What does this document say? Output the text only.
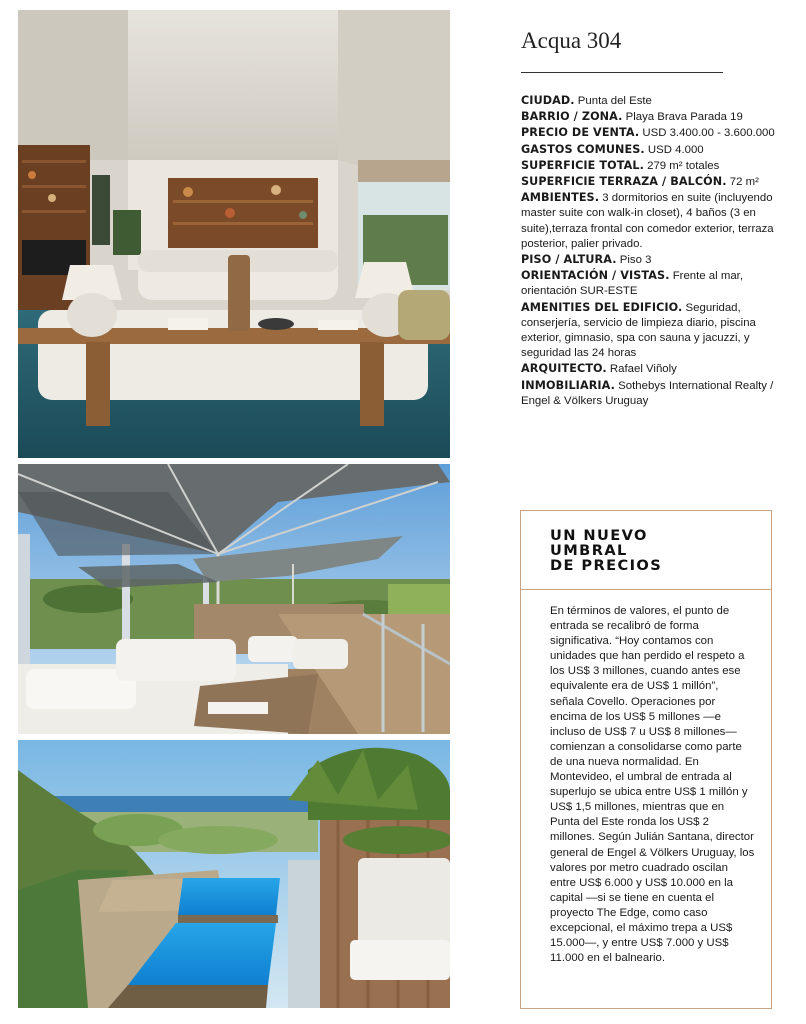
Acqua 304

CIUDAD. Punta del Este

BARRIO / ZONA. Playa Brava Parada 19

PRECIO DE VENTA. USD 3.400.00 - 3.600.000

GASTOS COMUNES. USD 4.000

SUPERFICIE TOTAL. 279 m² totales

SUPERFICIE TERRAZA / BALCÓN. 72 m²

AMBIENTES. 3 dormitorios en suite (incluyendo master suite con walk-in closet), 4 baños (3 en suite),terraza frontal con comedor exterior, terraza posterior, palier privado.

PISO / ALTURA. Piso 3

ORIENTACIÓN / VISTAS. Frente al mar, orientación SUR-ESTE

AMENITIES DEL EDIFICIO. Seguridad, conserjería, servicio de limpieza diario, piscina exterior, gimnasio, spa con sauna y jacuzzi, y seguridad las 24 horas

ARQUITECTO. Rafael Viñoly

INMOBILIARIA. Sothebys International Realty / Engel & Völkers Uruguay

UN NUEVO
UMBRAL
DE PRECIOS

En términos de valores, el punto de entrada se recalibró de forma significativa. “Hoy contamos con unidades que han perdido el respeto a los US$ 3 millones, cuando antes ese equivalente era de US$ 1 millón”, señala Covello. Operaciones por encima de los US$ 5 millones —e incluso de US$ 7 u US$ 8 millones— comienzan a consolidarse como parte de una nueva normalidad. En Montevideo, el umbral de entrada al superlujo se ubica entre US$ 1 millón y US$ 1,5 millones, mientras que en Punta del Este ronda los US$ 2 millones. Según Julián Santana, director general de Engel & Völkers Uruguay, los valores por metro cuadrado oscilan entre US$ 6.000 y US$ 10.000 en la capital —si se tiene en cuenta el proyecto The Edge, como caso excepcional, el máximo trepa a US$ 15.000—, y entre US$ 7.000 y US$ 11.000 en el balneario.
